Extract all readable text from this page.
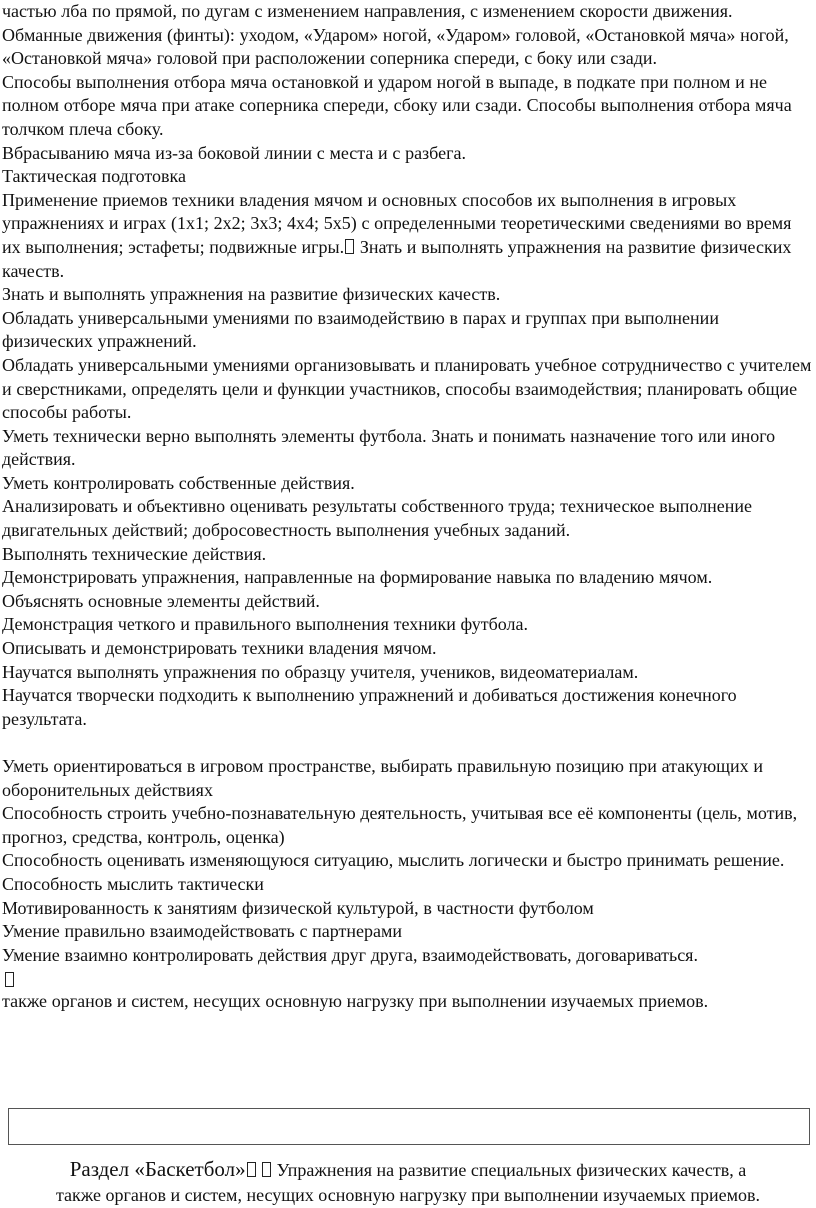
частью лба по прямой, по дугам с изменением направления, с изменением скорости движения.

Обманные движения (финты): уходом, «Ударом» ногой, «Ударом» головой, «Остановкой мяча» ногой, «Остановкой мяча» головой при расположении соперника спереди, с боку или сзади.

Способы выполнения отбора мяча остановкой и ударом ногой в выпаде, в подкате при полном и не полном отборе мяча при атаке соперника спереди, сбоку или сзади. Способы выполнения отбора мяча толчком плеча сбоку.

Вбрасыванию мяча из-за боковой линии с места и с разбега.

Тактическая подготовка

Применение приемов техники владения мячом и основных способов их выполнения в игровых упражнениях и играх (1х1; 2х2; 3х3; 4х4; 5х5) с определенными теоретическими сведениями во время их выполнения; эстафеты; подвижные игры. Знать и выполнять упражнения на развитие физических качеств.

Знать и выполнять упражнения на развитие физических качеств.

Обладать универсальными умениями по взаимодействию в парах и группах при выполнении физических упражнений.

Обладать универсальными умениями организовывать и планировать учебное сотрудничество с учителем и сверстниками, определять цели и функции участников, способы взаимодействия; планировать общие способы работы.

Уметь технически верно выполнять элементы футбола. Знать и понимать назначение того или иного действия.

Уметь контролировать собственные действия.

Анализировать и объективно оценивать результаты собственного труда; техническое выполнение двигательных действий; добросовестность выполнения учебных заданий.

Выполнять технические действия.

Демонстрировать упражнения, направленные на формирование навыка по владению мячом.

Объяснять основные элементы действий.

Демонстрация четкого и правильного выполнения техники футбола.

Описывать и демонстрировать техники владения мячом.

Научатся выполнять упражнения по образцу учителя, учеников, видеоматериалам.

Научатся творчески подходить к выполнению упражнений и добиваться достижения конечного результата.

Уметь ориентироваться в игровом пространстве, выбирать правильную позицию при атакующих и оборонительных действиях

Способность строить учебно-познавательную деятельность, учитывая все её компоненты (цель, мотив, прогноз, средства, контроль, оценка)

Способность оценивать изменяющуюся ситуацию, мыслить логически и быстро принимать решение.

Способность мыслить тактически

Мотивированность к занятиям физической культурой, в частности футболом

Умение правильно взаимодействовать с партнерами

Умение взаимно контролировать действия друг друга, взаимодействовать, договариваться.

также органов и систем, несущих основную нагрузку при выполнении изучаемых приемов.

Раздел «Баскетбол» Упражнения на развитие специальных физических качеств, а
также органов и систем, несущих основную нагрузку при выполнении изучаемых приемов.
